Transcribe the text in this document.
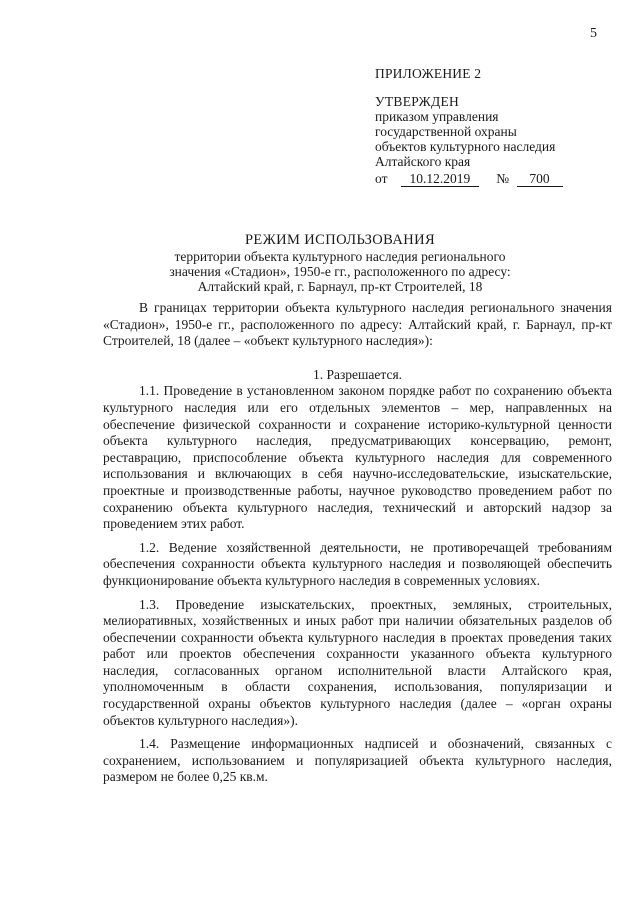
5
ПРИЛОЖЕНИЕ 2
УТВЕРЖДЕН
приказом управления
государственной охраны
объектов культурного наследия
Алтайского края
от 10.12.2019 № 700
РЕЖИМ ИСПОЛЬЗОВАНИЯ
территории объекта культурного наследия регионального
значения «Стадион», 1950-е гг., расположенного по адресу:
Алтайский край, г. Барнаул, пр-кт Строителей, 18

В границах территории объекта культурного наследия регионального значения «Стадион», 1950-е гг., расположенного по адресу: Алтайский край, г. Барнаул, пр-кт Строителей, 18 (далее – «объект культурного наследия»):

1. Разрешается.

1.1. Проведение в установленном законом порядке работ по сохранению объекта культурного наследия или его отдельных элементов – мер, направленных на обеспечение физической сохранности и сохранение историко-культурной ценности объекта культурного наследия, предусматривающих консервацию, ремонт, реставрацию, приспособление объекта культурного наследия для современного использования и включающих в себя научно-исследовательские, изыскательские, проектные и производственные работы, научное руководство проведением работ по сохранению объекта культурного наследия, технический и авторский надзор за проведением этих работ.

1.2. Ведение хозяйственной деятельности, не противоречащей требованиям обеспечения сохранности объекта культурного наследия и позволяющей обеспечить функционирование объекта культурного наследия в современных условиях.

1.3. Проведение изыскательских, проектных, земляных, строительных, мелиоративных, хозяйственных и иных работ при наличии обязательных разделов об обеспечении сохранности объекта культурного наследия в проектах проведения таких работ или проектов обеспечения сохранности указанного объекта культурного наследия, согласованных органом исполнительной власти Алтайского края, уполномоченным в области сохранения, использования, популяризации и государственной охраны объектов культурного наследия (далее – «орган охраны объектов культурного наследия»).

1.4. Размещение информационных надписей и обозначений, связанных с сохранением, использованием и популяризацией объекта культурного наследия, размером не более 0,25 кв.м.
